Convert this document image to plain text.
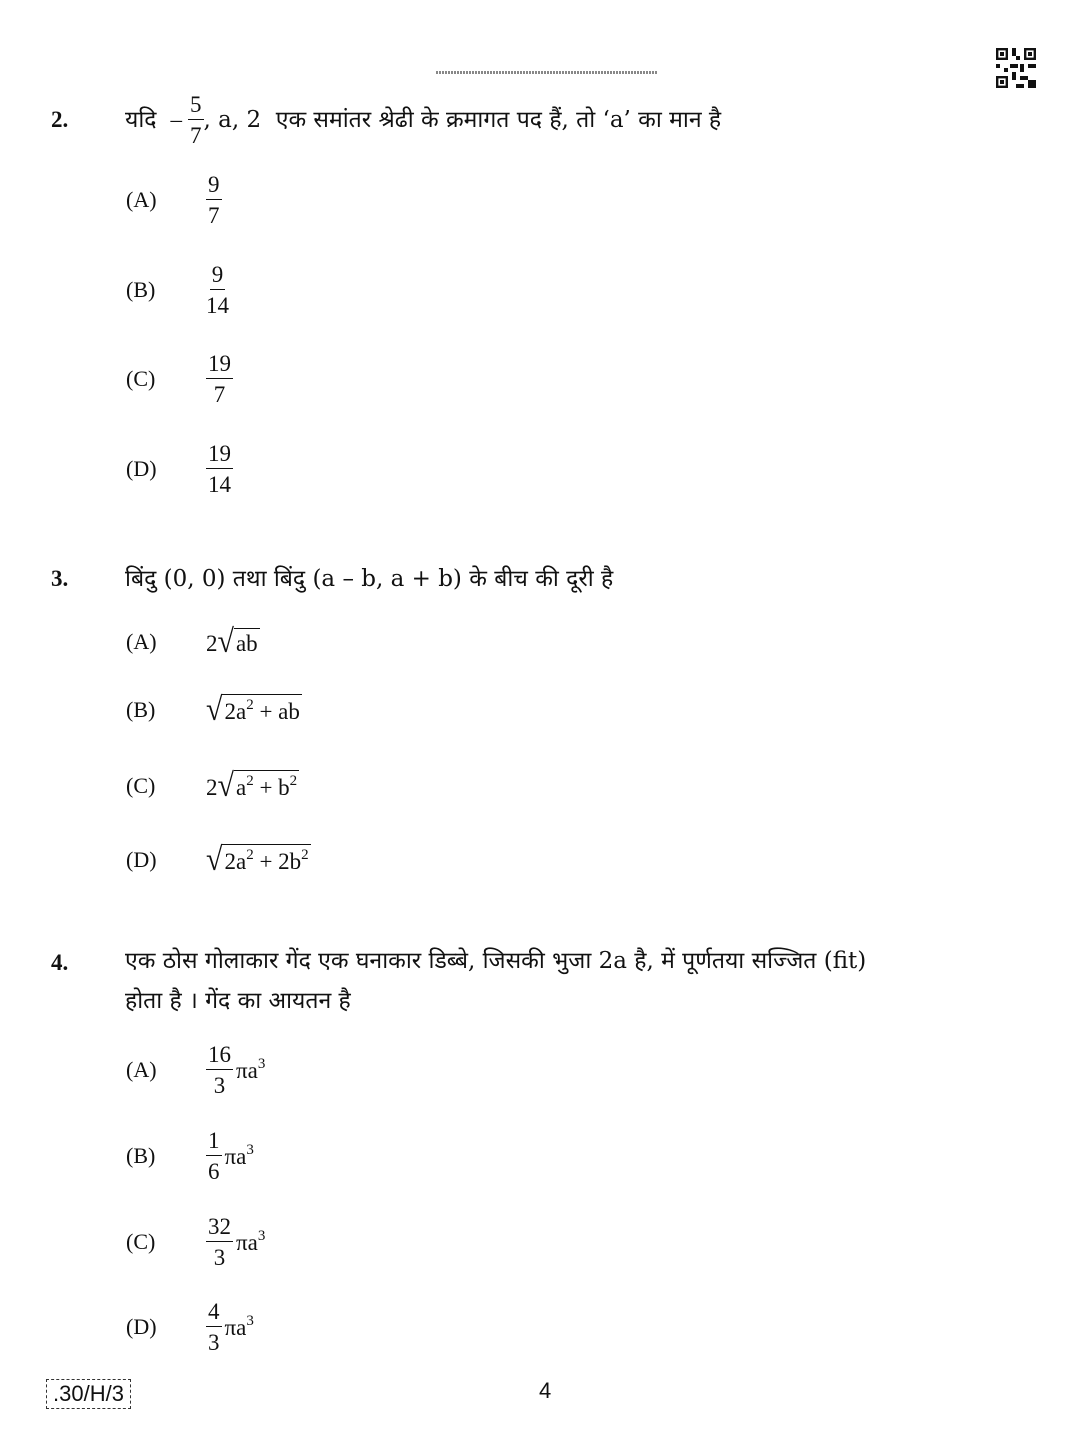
2. यदि – $\frac{5}{7}$ , a, 2  एक समांतर श्रेढी के क्रमागत पद हैं, तो ‘a’ का मान है
(A)	$\frac{9}{7}$
(B)	$\frac{9}{14}$
(C)	$\frac{19}{7}$
(D)	$\frac{19}{14}$
3. बिंदु (0, 0) तथा बिंदु (a – b, a + b) के बीच की दूरी है
(A)	2 √ ab
(B)	√ $2a^2$ + ab
(C)	2 √ $a^2 + b^2$
(D)	√ $2a^2 + 2b^2$
4. एक ठोस गोलाकार गेंद एक घनाकार डिब्बे, जिसकी भुजा 2a है, में पूर्णतया सज्जित (fit)
होता है । गेंद का आयतन है
(A)	$\frac{16}{3} \pi a^3$
(B)	$\frac{1}{6} \pi a^3$
(C)	$\frac{32}{3} \pi a^3$
(D)	$\frac{4}{3} \pi a^3$
.30/H/3	4
